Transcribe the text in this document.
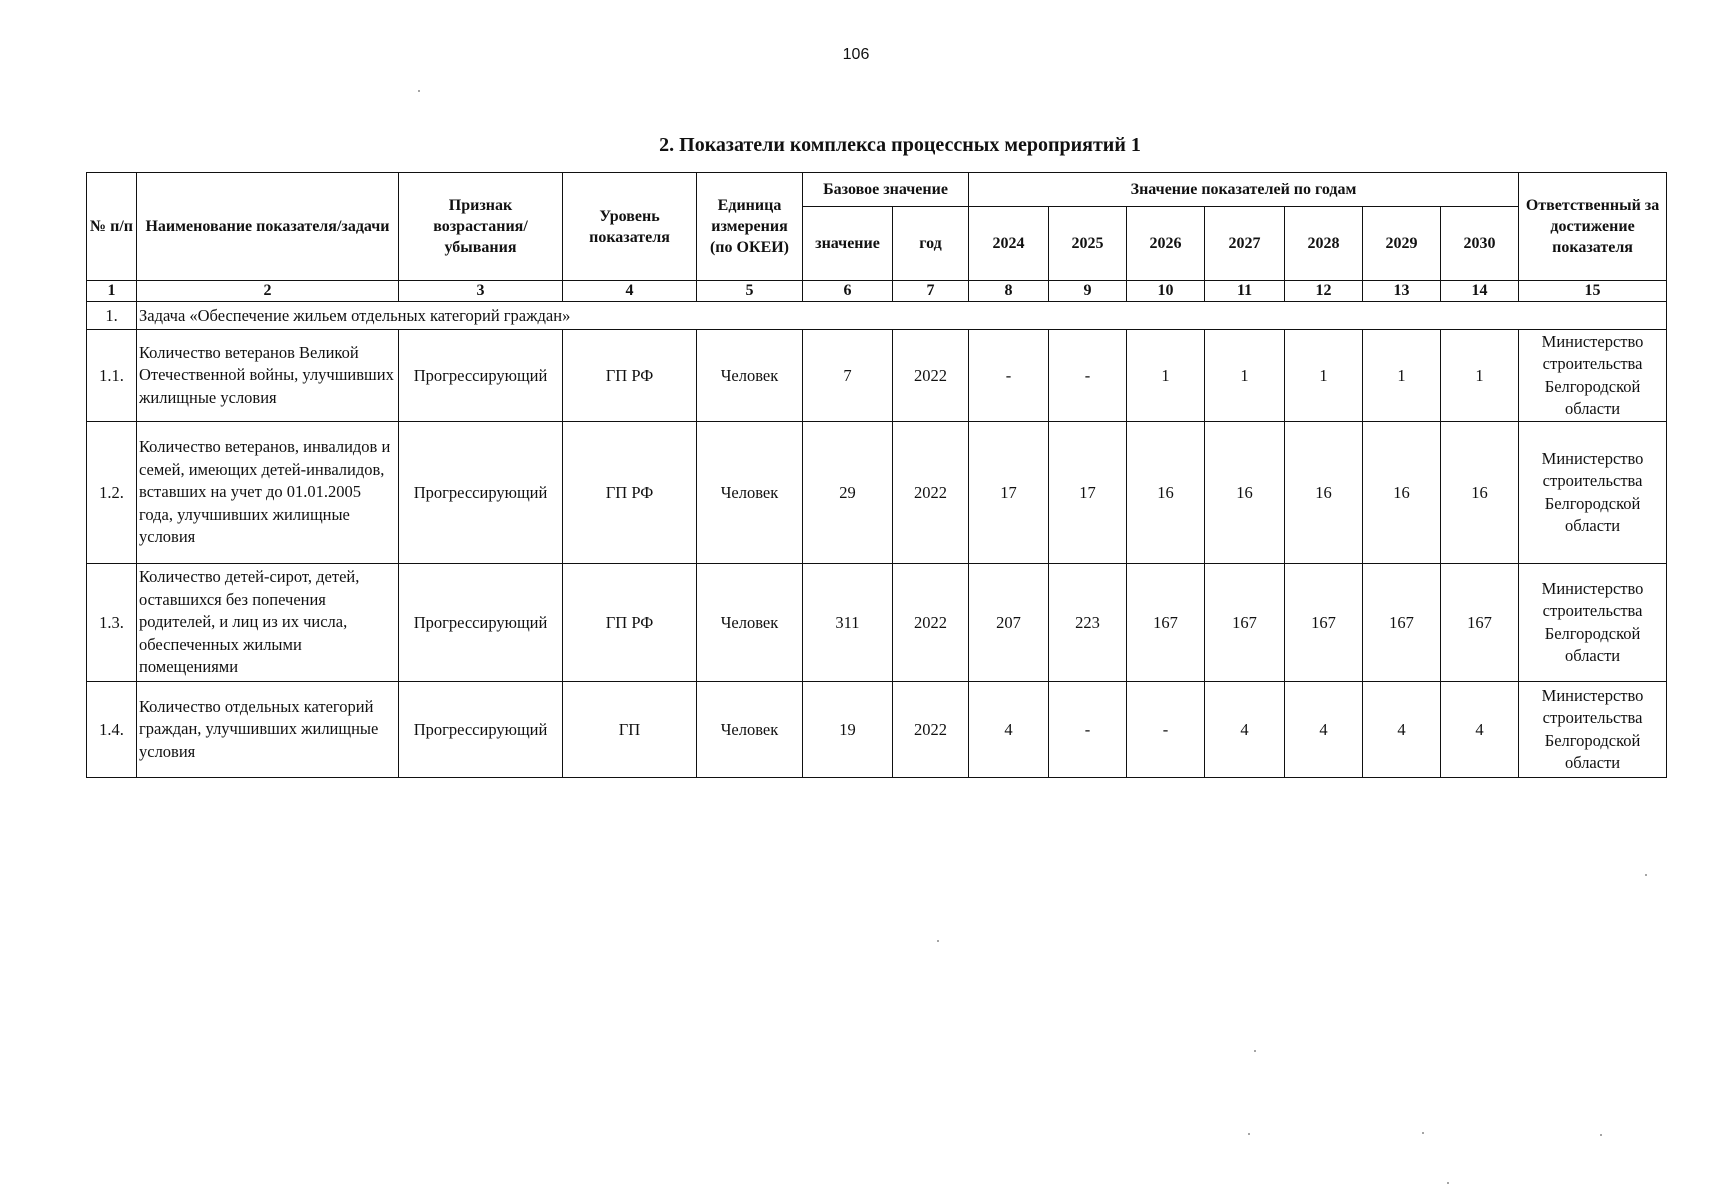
106
2. Показатели комплекса процессных мероприятий 1
№ п/п	Наименование показателя/задачи	Признак возрастания/ убывания	Уровень показателя	Единица измерения (по ОКЕИ)	Базовое значение		Значение показателей по годам							Ответственный за достижение показателя
					значение	год	2024	2025	2026	2027	2028	2029	2030	
1	2	3	4	5	6	7	8	9	10	11	12	13	14	15
1.	Задача «Обеспечение жильем отдельных категорий граждан»													
1.1.	Количество ветеранов Великой Отечественной войны, улучшивших жилищные условия	Прогрессирующий	ГП РФ	Человек	7	2022	-	-	1	1	1	1	1	Министерство строительства Белгородской области
1.2.	Количество ветеранов, инвалидов и семей, имеющих детей-инвалидов, вставших на учет до 01.01.2005 года, улучшивших жилищные условия	Прогрессирующий	ГП РФ	Человек	29	2022	17	17	16	16	16	16	16	Министерство строительства Белгородской области
1.3.	Количество детей-сирот, детей, оставшихся без попечения родителей, и лиц из их числа, обеспеченных жилыми помещениями	Прогрессирующий	ГП РФ	Человек	311	2022	207	223	167	167	167	167	167	Министерство строительства Белгородской области
1.4.	Количество отдельных категорий граждан, улучшивших жилищные условия	Прогрессирующий	ГП	Человек	19	2022	4	-	-	4	4	4	4	Министерство строительства Белгородской области
